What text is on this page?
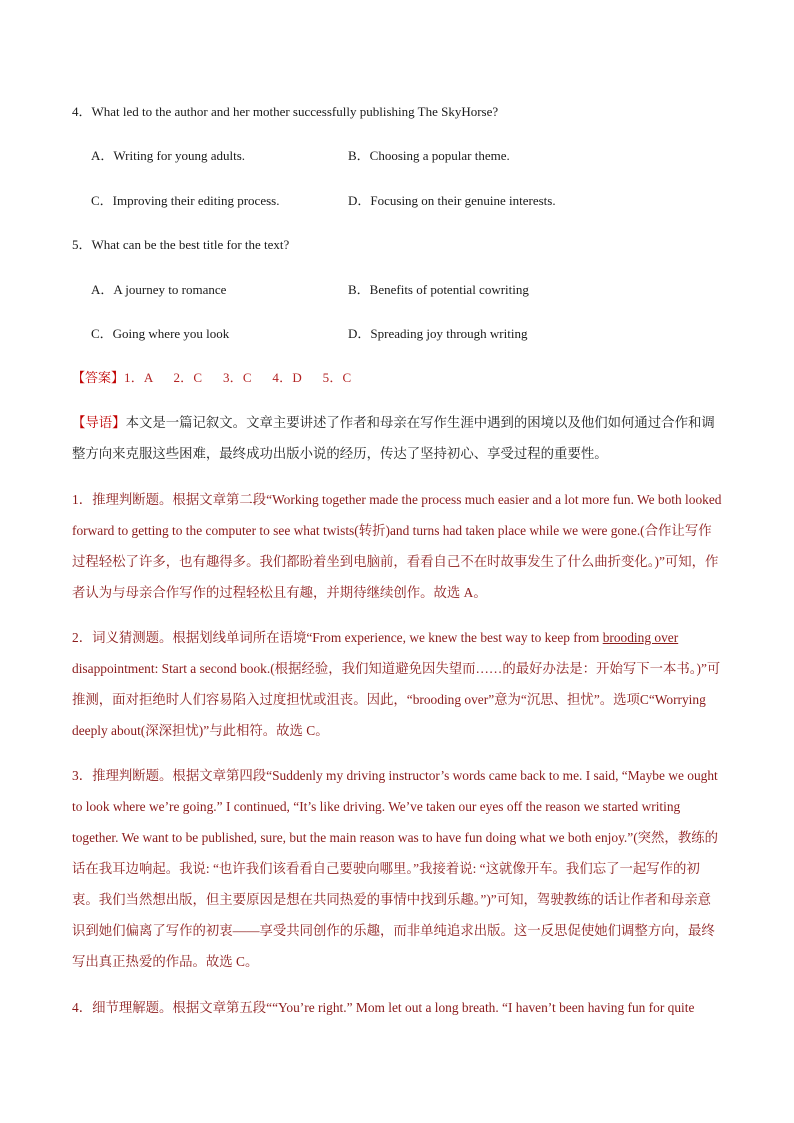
4．What led to the author and her mother successfully publishing The SkyHorse?
A．Writing for young adults.	B．Choosing a popular theme.
C．Improving their editing process.	D．Focusing on their genuine interests.
5．What can be the best title for the text?
A．A journey to romance	B．Benefits of potential cowriting
C．Going where you look	D．Spreading joy through writing
【答案】1．A      2．C      3．C      4．D      5．C
【导语】本文是一篇记叙文。文章主要讲述了作者和母亲在写作生涯中遇到的困境以及他们如何通过合作和调整方向来克服这些困难，最终成功出版小说的经历，传达了坚持初心、享受过程的重要性。
1．推理判断题。根据文章第二段“Working together made the process much easier and a lot more fun. We both looked forward to getting to the computer to see what twists(转折)and turns had taken place while we were gone.(合作让写作过程轻松了许多，也有趣得多。我们都盼着坐到电脑前，看看自己不在时故事发生了什么曲折变化。)”可知，作者认为与母亲合作写作的过程轻松且有趣，并期待继续创作。故选 A。
2．词义猜测题。根据划线单词所在语境“From experience, we knew the best way to keep from brooding over disappointment: Start a second book.(根据经验，我们知道避免因失望而……的最好办法是：开始写下一本书。)”可推测，面对拒绝时人们容易陷入过度担忧或沮丧。因此，“brooding over”意为“沉思、担忧”。选项C“Worrying deeply about(深深担忧)”与此相符。故选 C。
3．推理判断题。根据文章第四段“Suddenly my driving instructor’s words came back to me. I said, “Maybe we ought to look where we’re going.” I continued, “It’s like driving. We’ve taken our eyes off the reason we started writing together. We want to be published, sure, but the main reason was to have fun doing what we both enjoy.”(突然，教练的话在我耳边响起。我说: “也许我们该看看自己要驶向哪里。”我接着说: “这就像开车。我们忘了一起写作的初衷。我们当然想出版，但主要原因是想在共同热爱的事情中找到乐趣。”)”可知，驾驶教练的话让作者和母亲意识到她们偏离了写作的初衷——享受共同创作的乐趣，而非单纯追求出版。这一反思促使她们调整方向，最终写出真正热爱的作品。故选 C。
4．细节理解题。根据文章第五段““You’re right.” Mom let out a long breath. “I haven’t been having fun for quite
